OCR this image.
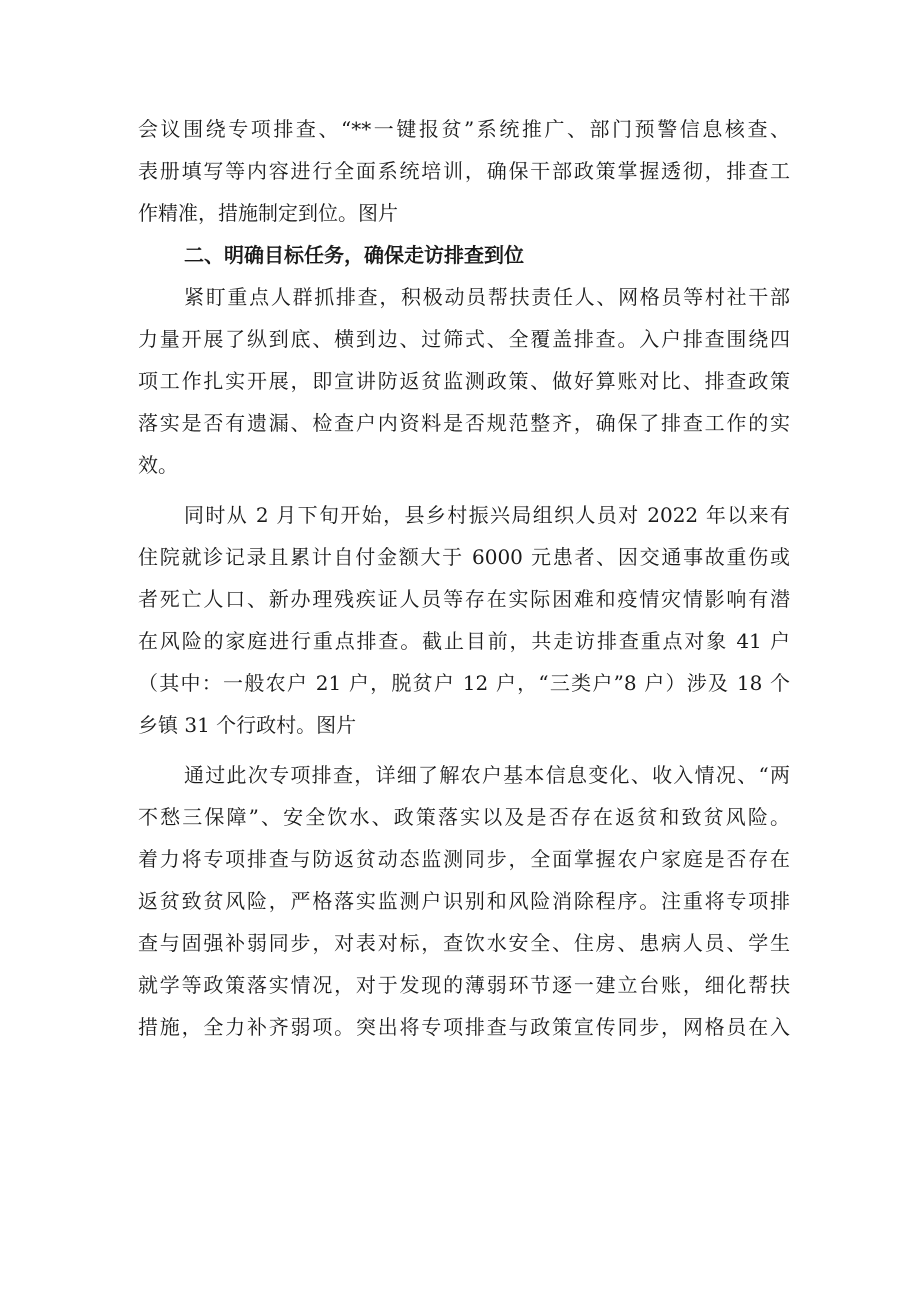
会议围绕专项排查、“**一键报贫”系统推广、部门预警信息核查、
表册填写等内容进行全面系统培训，确保干部政策掌握透彻，排查工
作精准，措施制定到位。图片
二、明确目标任务，确保走访排查到位
紧盯重点人群抓排查，积极动员帮扶责任人、网格员等村社干部
力量开展了纵到底、横到边、过筛式、全覆盖排查。入户排查围绕四
项工作扎实开展，即宣讲防返贫监测政策、做好算账对比、排查政策
落实是否有遗漏、检查户内资料是否规范整齐，确保了排查工作的实
效。
同时从 2 月下旬开始，县乡村振兴局组织人员对 2022 年以来有
住院就诊记录且累计自付金额大于 6000 元患者、因交通事故重伤或
者死亡人口、新办理残疾证人员等存在实际困难和疫情灾情影响有潜
在风险的家庭进行重点排查。截止目前，共走访排查重点对象 41 户
（其中：一般农户 21 户，脱贫户 12 户，“三类户”8 户）涉及 18 个
乡镇 31 个行政村。图片
通过此次专项排查，详细了解农户基本信息变化、收入情况、“两
不愁三保障”、安全饮水、政策落实以及是否存在返贫和致贫风险。
着力将专项排查与防返贫动态监测同步，全面掌握农户家庭是否存在
返贫致贫风险，严格落实监测户识别和风险消除程序。注重将专项排
查与固强补弱同步，对表对标，查饮水安全、住房、患病人员、学生
就学等政策落实情况，对于发现的薄弱环节逐一建立台账，细化帮扶
措施，全力补齐弱项。突出将专项排查与政策宣传同步，网格员在入
